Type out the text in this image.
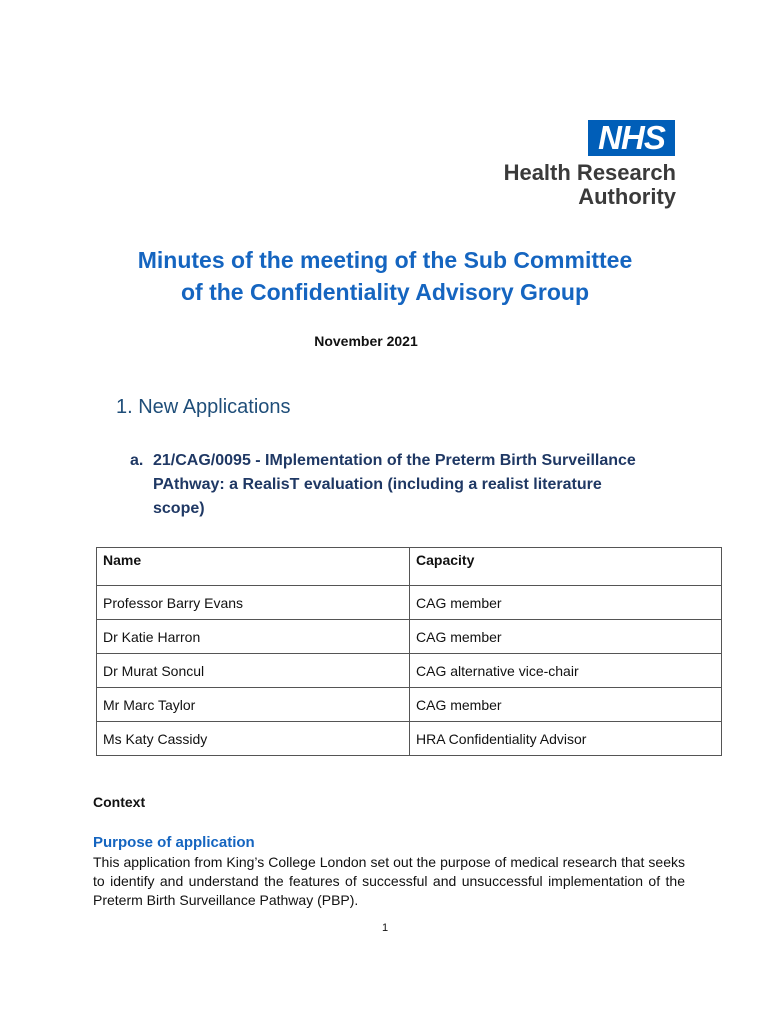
NHS
Health Research
Authority
Minutes of the meeting of the Sub Committee
of the Confidentiality Advisory Group
November 2021
1. New Applications
a. 21/CAG/0095 - IMplementation of the Preterm Birth Surveillance PAthway: a RealisT evaluation (including a realist literature scope)
Name	Capacity
Professor Barry Evans	CAG member
Dr Katie Harron	CAG member
Dr Murat Soncul	CAG alternative vice-chair
Mr Marc Taylor	CAG member
Ms Katy Cassidy	HRA Confidentiality Advisor
Context
Purpose of application
This application from King’s College London set out the purpose of medical research that seeks to identify and understand the features of successful and unsuccessful implementation of the Preterm Birth Surveillance Pathway (PBP).
1
